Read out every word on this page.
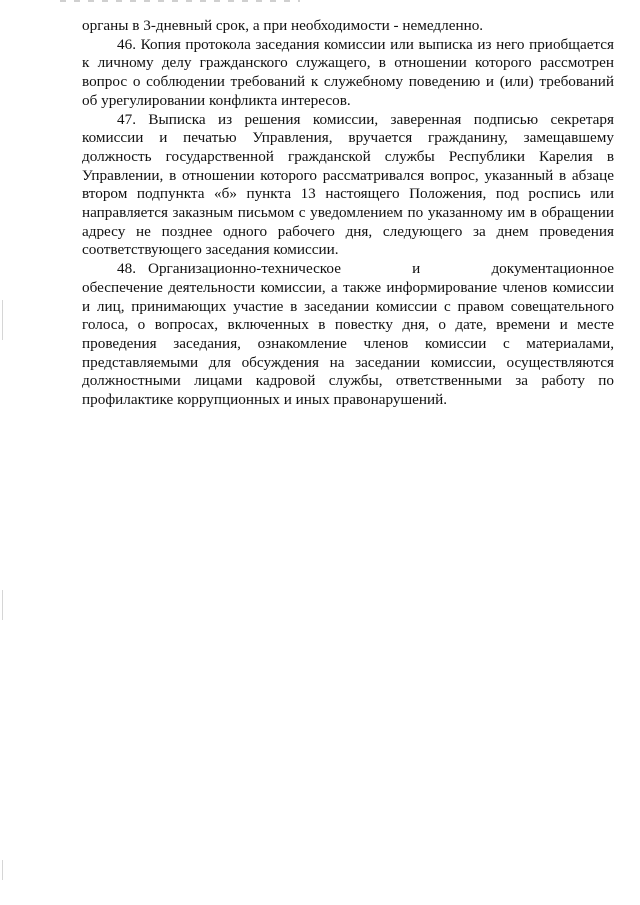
органы в 3-дневный срок, а при необходимости - немедленно.

46. Копия протокола заседания комиссии или выписка из него приобщается к личному делу гражданского служащего, в отношении которого рассмотрен вопрос о соблюдении требований к служебному поведению и (или) требований об урегулировании конфликта интересов.

47. Выписка из решения комиссии, заверенная подписью секретаря комиссии и печатью Управления, вручается гражданину, замещавшему должность государственной гражданской службы Республики Карелия в Управлении, в отношении которого рассматривался вопрос, указанный в абзаце втором подпункта «б» пункта 13 настоящего Положения, под роспись или направляется заказным письмом с уведомлением по указанному им в обращении адресу не позднее одного рабочего дня, следующего за днем проведения соответствующего заседания комиссии.

48. Организационно-техническое и документационное обеспечение деятельности комиссии, а также информирование членов комиссии и лиц, принимающих участие в заседании комиссии с правом совещательного голоса, о вопросах, включенных в повестку дня, о дате, времени и месте проведения заседания, ознакомление членов комиссии с материалами, представляемыми для обсуждения на заседании комиссии, осуществляются должностными лицами кадровой службы, ответственными за работу по профилактике коррупционных и иных правонарушений.
